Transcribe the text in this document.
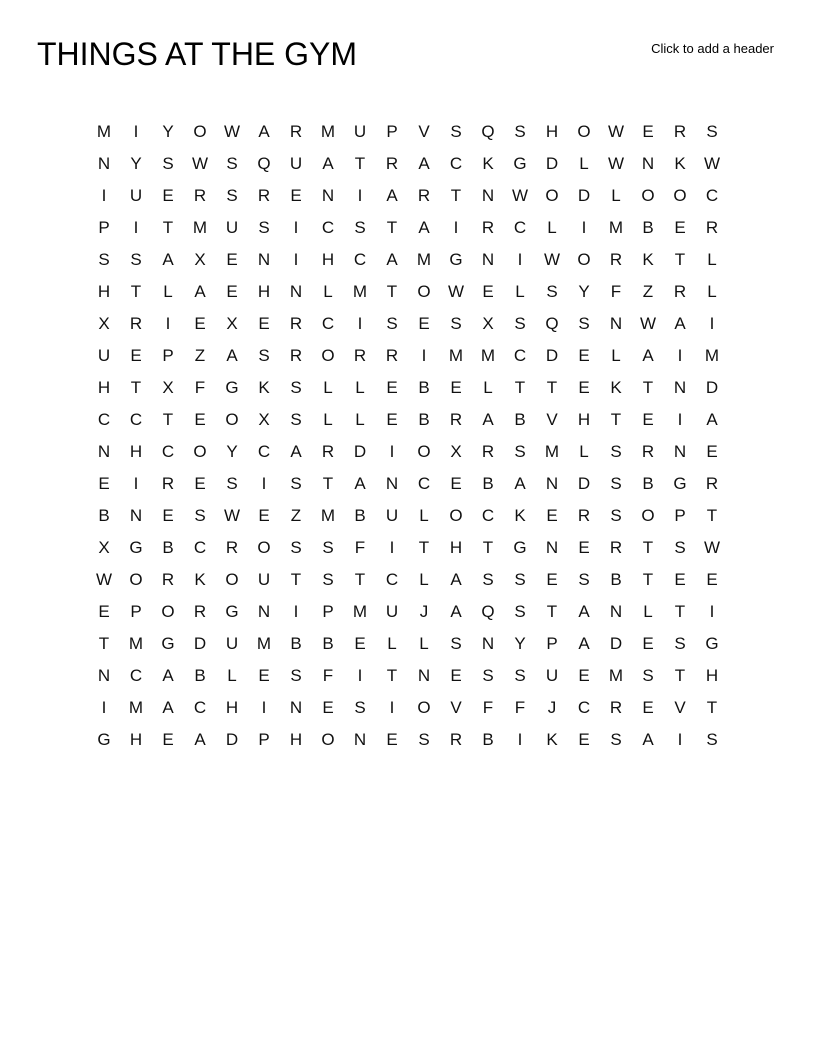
THINGS AT THE GYM	Click to add a header
M	I	Y	O	W	A	R	M	U	P	V	S	Q	S	H	O	W	E	R	S
N	Y	S	W	S	Q	U	A	T	R	A	C	K	G	D	L	W	N	K	W
I	U	E	R	S	R	E	N	I	A	R	T	N	W	O	D	L	O	O	C
P	I	T	M	U	S	I	C	S	T	A	I	R	C	L	I	M	B	E	R
S	S	A	X	E	N	I	H	C	A	M	G	N	I	W	O	R	K	T	L
H	T	L	A	E	H	N	L	M	T	O	W	E	L	S	Y	F	Z	R	L
X	R	I	E	X	E	R	C	I	S	E	S	X	S	Q	S	N	W	A	I
U	E	P	Z	A	S	R	O	R	R	I	M	M	C	D	E	L	A	I	M
H	T	X	F	G	K	S	L	L	E	B	E	L	T	T	E	K	T	N	D
C	C	T	E	O	X	S	L	L	E	B	R	A	B	V	H	T	E	I	A
N	H	C	O	Y	C	A	R	D	I	O	X	R	S	M	L	S	R	N	E
E	I	R	E	S	I	S	T	A	N	C	E	B	A	N	D	S	B	G	R
B	N	E	S	W	E	Z	M	B	U	L	O	C	K	E	R	S	O	P	T
X	G	B	C	R	O	S	S	F	I	T	H	T	G	N	E	R	T	S	W
W	O	R	K	O	U	T	S	T	C	L	A	S	S	E	S	B	T	E	E
E	P	O	R	G	N	I	P	M	U	J	A	Q	S	T	A	N	L	T	I
T	M	G	D	U	M	B	B	E	L	L	S	N	Y	P	A	D	E	S	G
N	C	A	B	L	E	S	F	I	T	N	E	S	S	U	E	M	S	T	H
I	M	A	C	H	I	N	E	S	I	O	V	F	F	J	C	R	E	V	T
G	H	E	A	D	P	H	O	N	E	S	R	B	I	K	E	S	A	I	S
